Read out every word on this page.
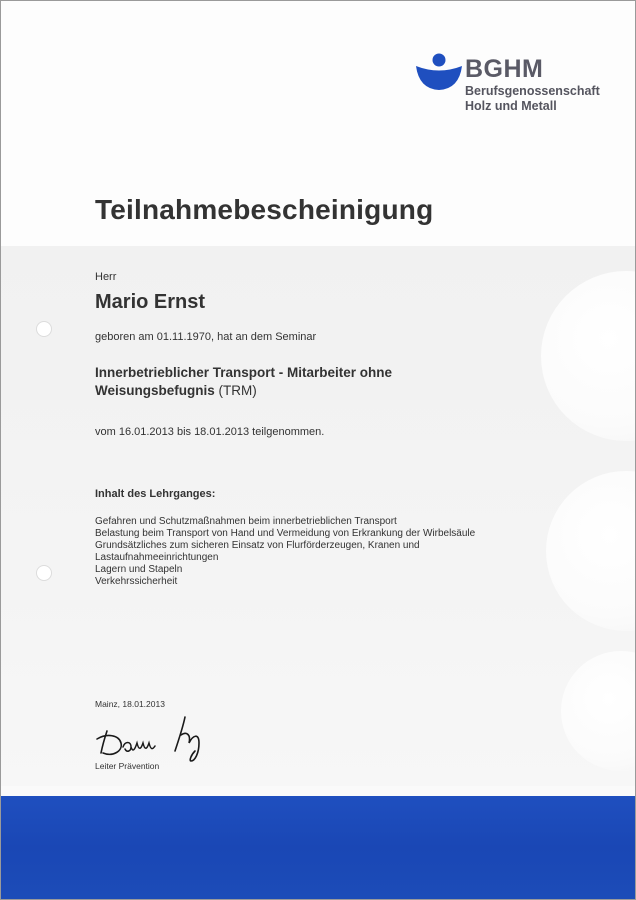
BGHM
Berufsgenossenschaft
Holz und Metall
Teilnahmebescheinigung
Herr
Mario Ernst
geboren am 01.11.1970, hat an dem Seminar
Innerbetrieblicher Transport - Mitarbeiter ohne Weisungsbefugnis (TRM)
vom 16.01.2013 bis 18.01.2013 teilgenommen.
Inhalt des Lehrganges:
Gefahren und Schutzmaßnahmen beim innerbetrieblichen Transport
Belastung beim Transport von Hand und Vermeidung von Erkrankung der Wirbelsäule
Grundsätzliches zum sicheren Einsatz von Flurförderzeugen, Kranen und Lastaufnahmeeinrichtungen
Lagern und Stapeln
Verkehrssicherheit
Mainz, 18.01.2013
Leiter Prävention
